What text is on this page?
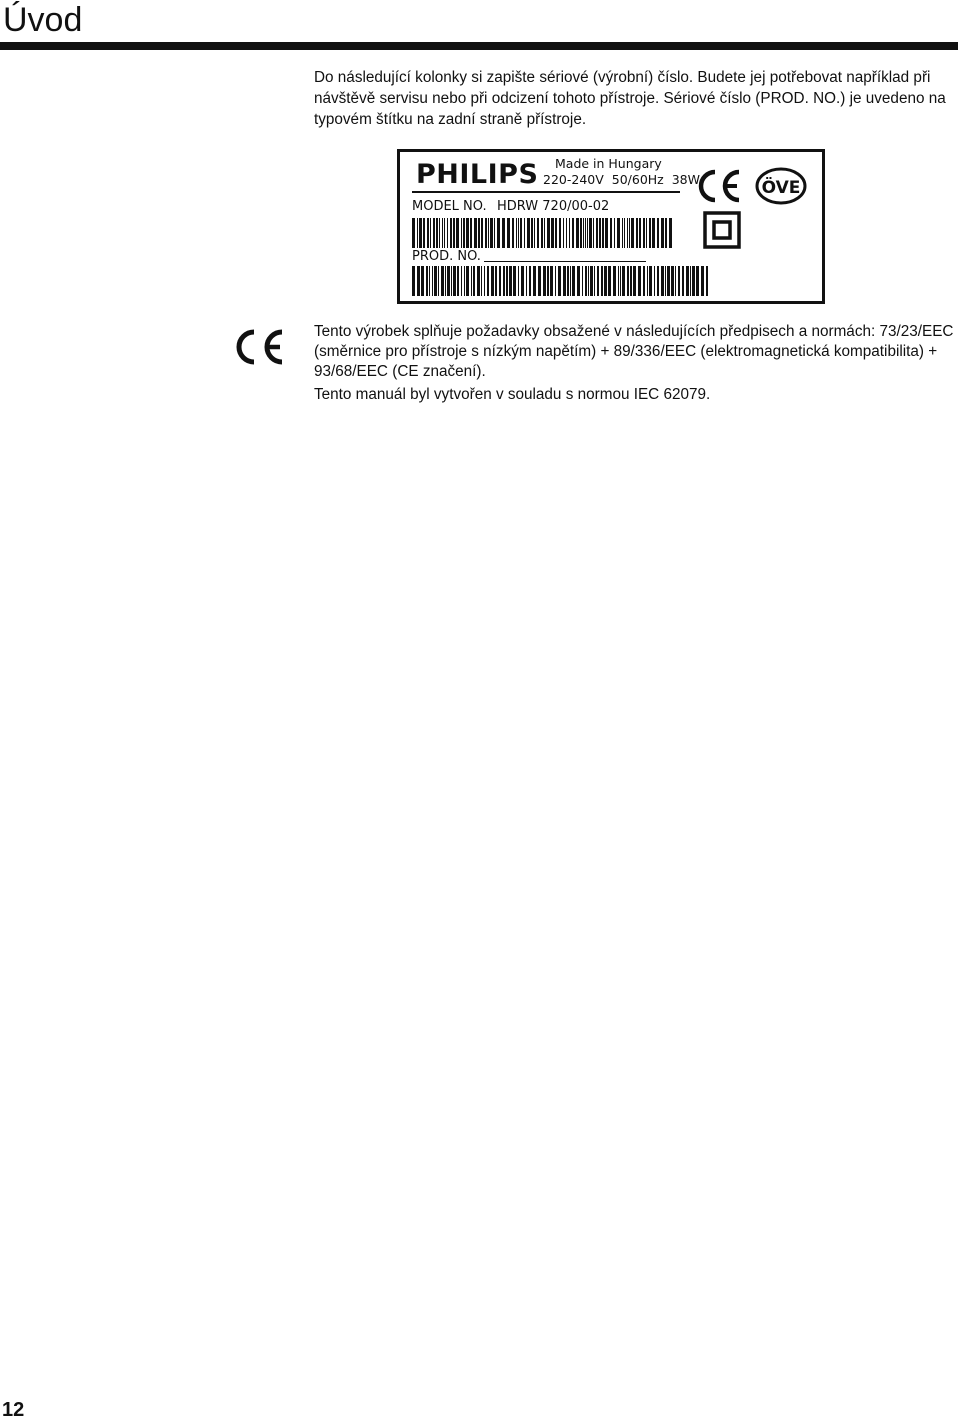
Úvod

Do následující kolonky si zapište sériové (výrobní) číslo. Budete jej potřebovat například při návštěvě servisu nebo při odcizení tohoto přístroje. Sériové číslo (PROD. NO.) je uvedeno na typovém štítku na zadní straně přístroje.

PHILIPS Made in Hungary
220-240V 50/60Hz 38W	ÖVE
MODEL NO. HDRW 720/00-02
PROD. NO.

Tento výrobek splňuje požadavky obsažené v následujících předpisech a normách: 73/23/EEC (směrnice pro přístroje s nízkým napětím) + 89/336/EEC (elektromagnetická kompatibilita) + 93/68/EEC (CE značení).

Tento manuál byl vytvořen v souladu s normou IEC 62079.

12
